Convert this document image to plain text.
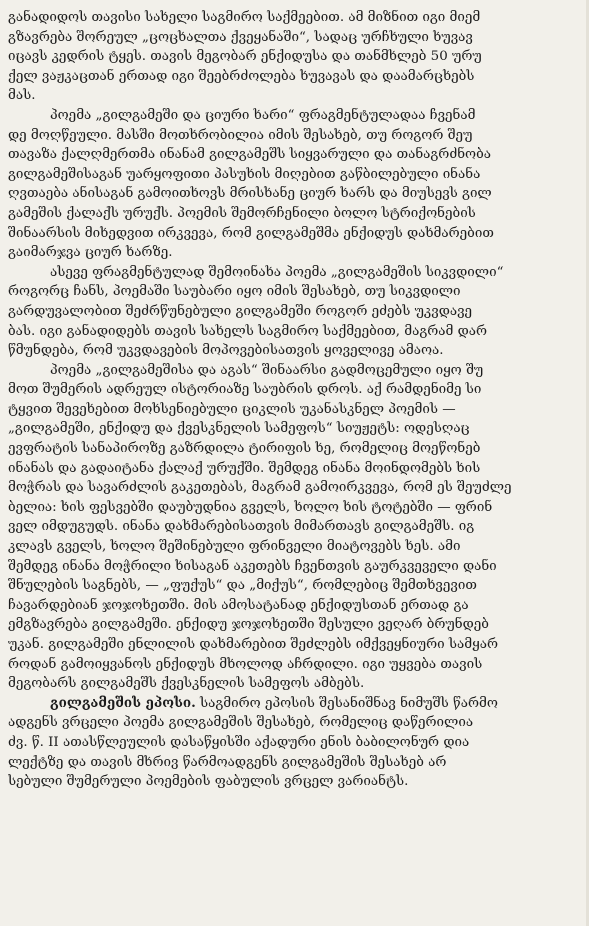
განადიდოს თავისი სახელი საგმირო საქმეებით. ამ მიზნით იგი მიემ
გზავრება შორეულ „ცოცხალთა ქვეყანაში“, სადაც ურჩხული ხუვავ
იცავს კედრის ტყეს. თავის მეგობარ ენქიდუსა და თანმხლებ 50 ურუ
ქელ ვაჟკაცთან ერთად იგი შეებრძოლება ხუვავას და დაამარცხებს
მას.
პოემა „გილგამეში და ციური ხარი“ ფრაგმენტულადაა ჩვენამ
დე მოღწეული. მასში მოთხრობილია იმის შესახებ, თუ როგორ შეუ
თავაზა ქალღმერთმა ინანამ გილგამეშს სიყვარული და თანაგრძნობა
გილგამეშისაგან უარყოფითი პასუხის მიღებით გაწბილებული ინანა
ღვთაება ანისაგან გამოითხოვს მრისხანე ციურ ხარს და მიუსევს გილ
გამეშის ქალაქს ურუქს. პოემის შემორჩენილი ბოლო სტრიქონების
შინაარსის მიხედვით ირკვევა, რომ გილგამეშმა ენქიდუს დახმარებით
გაიმარჯვა ციურ ხარზე.
ასევე ფრაგმენტულად შემოინახა პოემა „გილგამეშის სიკვდილი“
როგორც ჩანს, პოემაში საუბარი იყო იმის შესახებ, თუ სიკვდილი
გარდუვალობით შეძრწუნებული გილგამეში როგორ ეძებს უკვდავე
ბას. იგი განადიდებს თავის სახელს საგმირო საქმეებით, მაგრამ დარ
წმუნდება, რომ უკვდავების მოპოვებისათვის ყოველივე ამაოა.
პოემა „გილგამეშისა და აგას“ შინაარსი გადმოცემული იყო შუ
მოთ შუმერის ადრეულ ისტორიაზე საუბრის დროს. აქ რამდენიმე სი
ტყვით შევეხებით მოხსენიებული ციკლის უკანასკნელ პოემის —
„გილგამეში, ენქიდუ და ქვესკნელის სამეფოს“ სიუჟეტს: ოდესღაც
ევფრატის სანაპიროზე გაზრდილა ტირიფის ხე, რომელიც მოეწონებ
ინანას და გადაიტანა ქალაქ ურუქში. შემდეგ ინანა მოინდომებს ხის
მოჭრას და სავარძლის გაკეთებას, მაგრამ გამოირკვევა, რომ ეს შეუძლე
ბელია: ხის ფესვებში დაუბუდნია გველს, ხოლო ხის ტოტებში — ფრინ
ველ იმდუგუდს. ინანა დახმარებისათვის მიმართავს გილგამეშს. იგ
კლავს გველს, ხოლო შეშინებული ფრინველი მიატოვებს ხეს. ამი
შემდეგ ინანა მოჭრილი ხისაგან აკეთებს ჩვენთვის გაურკვეველი დანი
შნულების საგნებს, — „ფუქუს“ და „მიქუს“, რომლებიც შემთხვევით
ჩავარდებიან ჯოჯოხეთში. მის ამოსატანად ენქიდუსთან ერთად გა
ემგზავრება გილგამეში. ენქიდუ ჯოჯოხეთში შესული ვეღარ ბრუნდებ
უკან. გილგამეში ენლილის დახმარებით შეძლებს იმქვეყნიური სამყარ
როდან გამოიყვანოს ენქიდუს მხოლოდ აჩრდილი. იგი უყვება თავის
მეგობარს გილგამეშს ქვესკნელის სამეფოს ამბებს.
გილგამეშის ეპოსი. საგმირო ეპოსის შესანიშნავ ნიმუშს წარმო
ადგენს ვრცელი პოემა გილგამეშის შესახებ, რომელიც დაწერილია
ძვ. წ. II ათასწლეულის დასაწყისში აქადური ენის ბაბილონურ დია
ლექტზე და თავის მხრივ წარმოადგენს გილგამეშის შესახებ არ
სებული შუმერული პოემების ფაბულის ვრცელ ვარიანტს.
